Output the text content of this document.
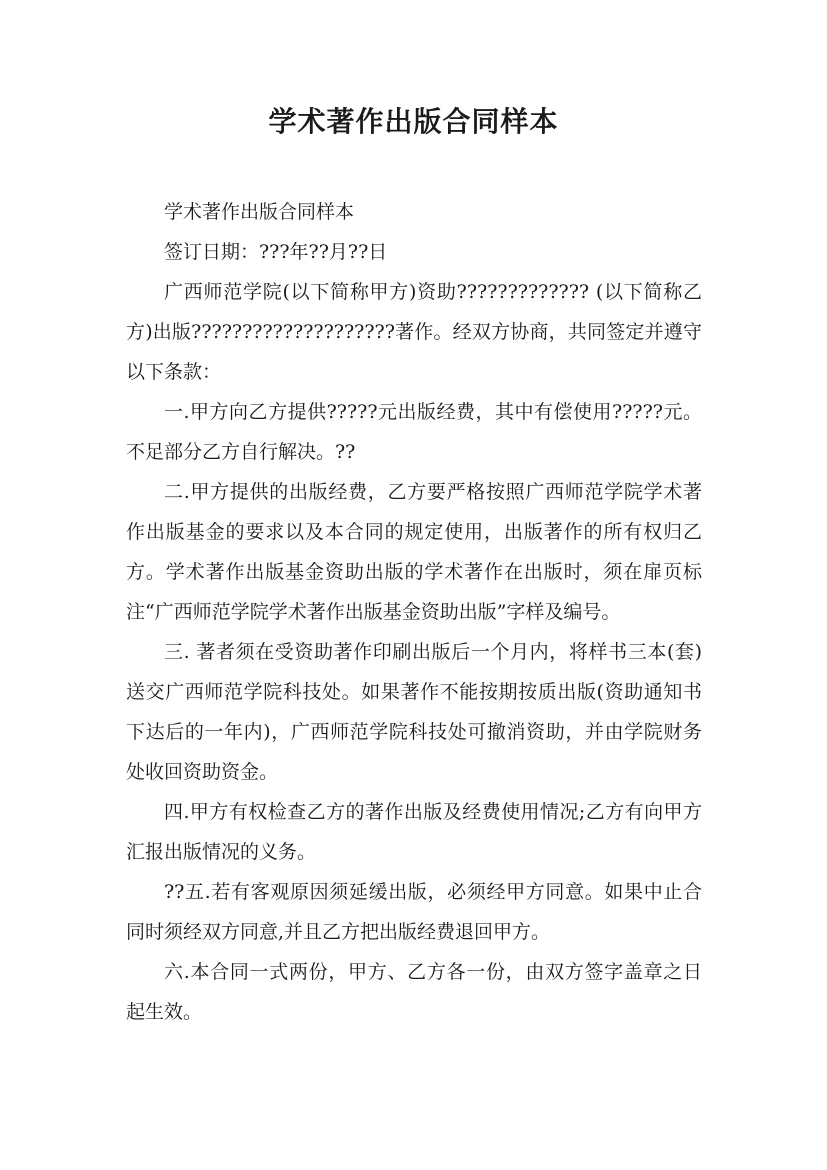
学术著作出版合同样本

学术著作出版合同样本

签订日期：???年??月??日

广西师范学院(以下简称甲方)资助????????????? (以下简称乙方)出版????????????????????著作。经双方协商，共同签定并遵守以下条款：

一.甲方向乙方提供?????元出版经费，其中有偿使用?????元。不足部分乙方自行解决。??

二.甲方提供的出版经费，乙方要严格按照广西师范学院学术著作出版基金的要求以及本合同的规定使用，出版著作的所有权归乙方。学术著作出版基金资助出版的学术著作在出版时，须在扉页标注“广西师范学院学术著作出版基金资助出版”字样及编号。

三. 著者须在受资助著作印刷出版后一个月内，将样书三本(套)送交广西师范学院科技处。如果著作不能按期按质出版(资助通知书下达后的一年内)，广西师范学院科技处可撤消资助，并由学院财务处收回资助资金。

四.甲方有权检查乙方的著作出版及经费使用情况;乙方有向甲方汇报出版情况的义务。

??五.若有客观原因须延缓出版，必须经甲方同意。如果中止合同时须经双方同意,并且乙方把出版经费退回甲方。

六.本合同一式两份，甲方、乙方各一份，由双方签字盖章之日起生效。
